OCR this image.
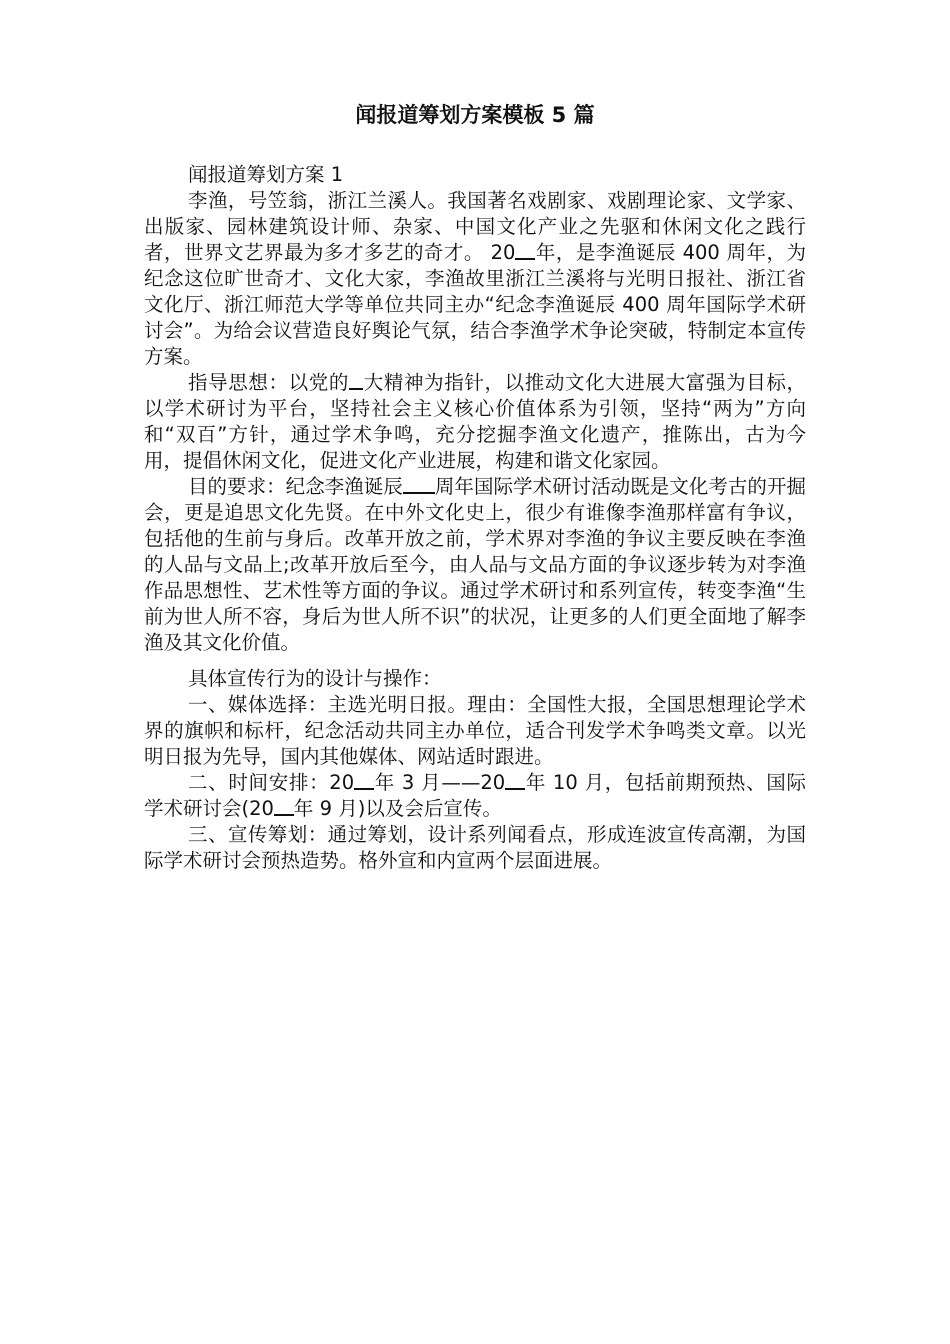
闻报道筹划方案模板 5 篇

闻报道筹划方案 1

李渔，号笠翁，浙江兰溪人。我国著名戏剧家、戏剧理论家、文学家、出版家、园林建筑设计师、杂家、中国文化产业之先驱和休闲文化之践行者，世界文艺界最为多才多艺的奇才。 20 年，是李渔诞辰 400 周年，为纪念这位旷世奇才、文化大家，李渔故里浙江兰溪将与光明日报社、浙江省文化厅、浙江师范大学等单位共同主办“纪念李渔诞辰 400 周年国际学术研讨会”。为给会议营造良好舆论气氛，结合李渔学术争论突破，特制定本宣传方案。

指导思想：以党的 大精神为指针，以推动文化大进展大富强为目标，以学术研讨为平台，坚持社会主义核心价值体系为引领，坚持“两为”方向和“双百”方针，通过学术争鸣，充分挖掘李渔文化遗产，推陈出，古为今用，提倡休闲文化，促进文化产业进展，构建和谐文化家园。

目的要求：纪念李渔诞辰 周年国际学术研讨活动既是文化考古的开掘会，更是追思文化先贤。在中外文化史上，很少有谁像李渔那样富有争议，包括他的生前与身后。改革开放之前，学术界对李渔的争议主要反映在李渔的人品与文品上;改革开放后至今，由人品与文品方面的争议逐步转为对李渔作品思想性、艺术性等方面的争议。通过学术研讨和系列宣传，转变李渔“生前为世人所不容，身后为世人所不识”的状况，让更多的人们更全面地了解李渔及其文化价值。

具体宣传行为的设计与操作：

一、媒体选择：主选光明日报。理由：全国性大报，全国思想理论学术界的旗帜和标杆，纪念活动共同主办单位，适合刊发学术争鸣类文章。以光明日报为先导，国内其他媒体、网站适时跟进。

二、时间安排：20 年 3 月——20 年 10 月，包括前期预热、国际学术研讨会(20 年 9 月)以及会后宣传。

三、宣传筹划：通过筹划，设计系列闻看点，形成连波宣传高潮，为国际学术研讨会预热造势。格外宣和内宣两个层面进展。
